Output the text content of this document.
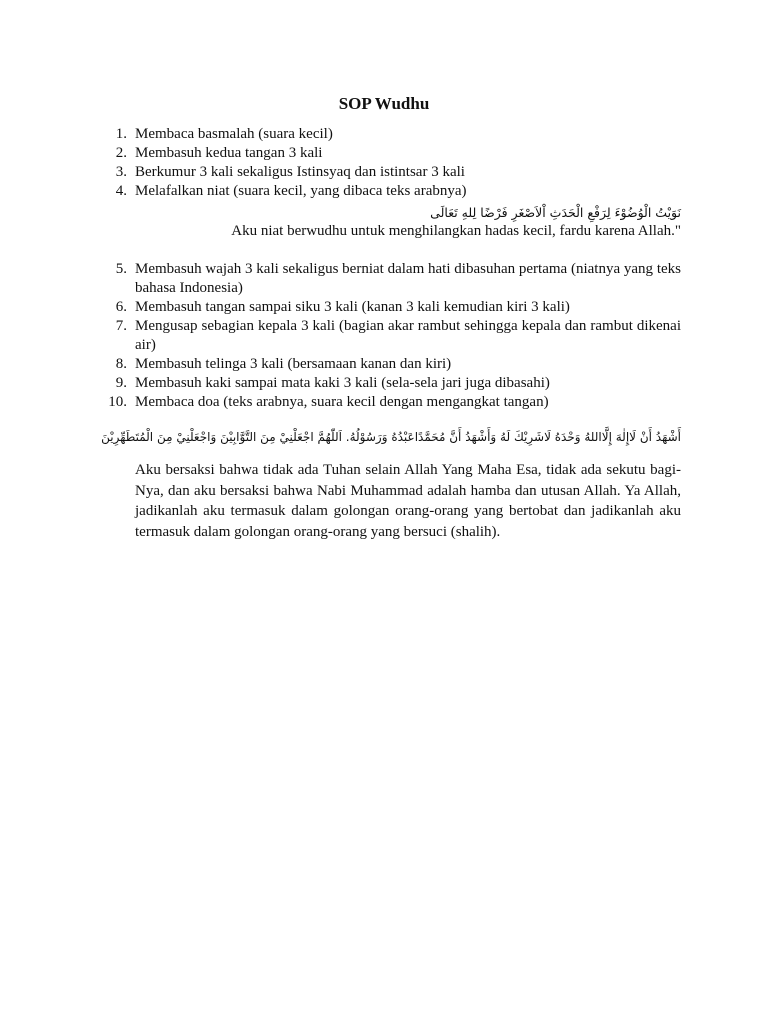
SOP Wudhu
1. Membaca basmalah (suara kecil)
2. Membasuh kedua tangan 3 kali
3. Berkumur 3 kali sekaligus Istinsyaq dan istintsar 3 kali
4. Melafalkan niat (suara kecil, yang dibaca teks arabnya)
نَوَيْتُ الْوُضُوْءَ لِرَفْعِ الْحَدَثِ اْلاَصْغَرِ فَرْضًا لِلهِ تَعَالَى
Aku niat berwudhu untuk menghilangkan hadas kecil, fardu karena Allah."
5. Membasuh wajah 3 kali sekaligus berniat dalam hati dibasuhan pertama (niatnya yang teks bahasa Indonesia)
6. Membasuh tangan sampai siku 3 kali (kanan 3 kali kemudian kiri 3 kali)
7. Mengusap sebagian kepala 3 kali (bagian akar rambut sehingga kepala dan rambut dikenai air)
8. Membasuh telinga 3 kali (bersamaan kanan dan kiri)
9. Membasuh kaki sampai mata kaki 3 kali (sela-sela jari juga dibasahi)
10. Membaca doa (teks arabnya, suara kecil dengan mengangkat tangan)
أَشْهَدُ أَنْ لَاإِلٰهَ إِلَّااللهُ وَحْدَهُ لَاشَرِيْكَ لَهُ وَأَشْهَدُ أَنَّ مُحَمَّدًاعَبْدُهُ وَرَسُوْلُهُ. اَللّٰهُمَّ اجْعَلْنِيْ مِنَ التَّوَّابِيْنَ وَاجْعَلْنِيْ مِنَ الْمُتَطَهِّرِيْنَ
Aku bersaksi bahwa tidak ada Tuhan selain Allah Yang Maha Esa, tidak ada sekutu bagi-Nya, dan aku bersaksi bahwa Nabi Muhammad adalah hamba dan utusan Allah. Ya Allah, jadikanlah aku termasuk dalam golongan orang-orang yang bertobat dan jadikanlah aku termasuk dalam golongan orang-orang yang bersuci (shalih).
